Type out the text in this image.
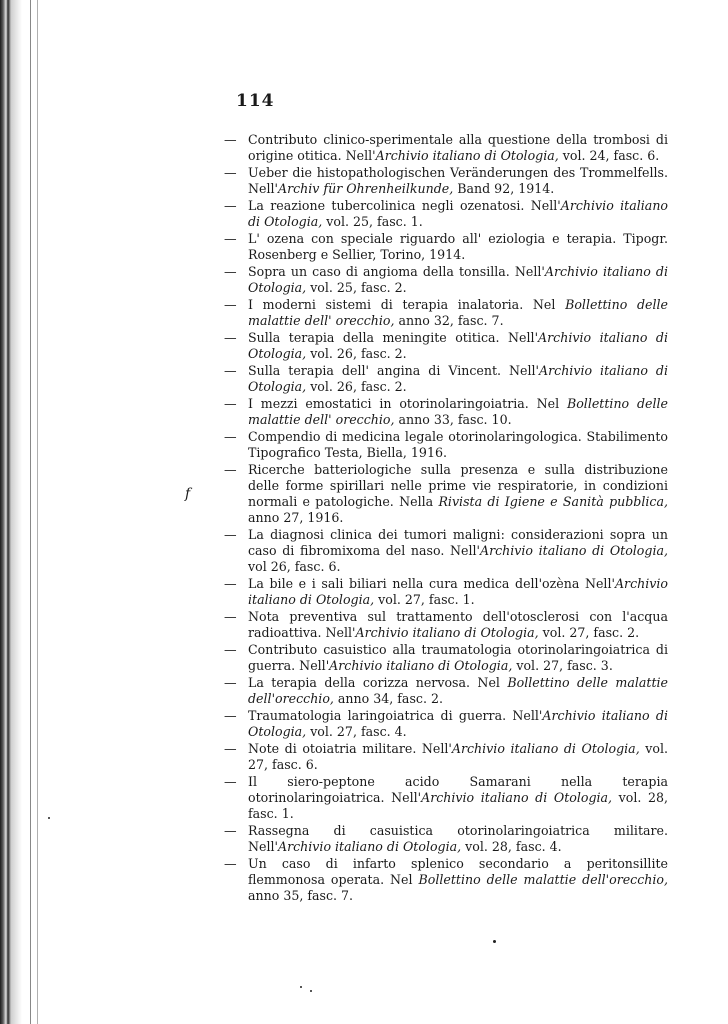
114
f
— Contributo clinico-sperimentale alla questione della trombosi di origine otitica. Nell'Archivio italiano di Otologia, vol. 24, fasc. 6.
— Ueber die histopathologischen Veränderungen des Trommelfells. Nell'Archiv für Ohrenheilkunde, Band 92, 1914.
— La reazione tubercolinica negli ozenatosi. Nell'Archivio italiano di Otologia, vol. 25, fasc. 1.
— L' ozena con speciale riguardo all' eziologia e terapia. Tipogr. Rosenberg e Sellier, Torino, 1914.
— Sopra un caso di angioma della tonsilla. Nell'Archivio italiano di Otologia, vol. 25, fasc. 2.
— I moderni sistemi di terapia inalatoria. Nel Bollettino delle malattie dell' orecchio, anno 32, fasc. 7.
— Sulla terapia della meningite otitica. Nell'Archivio italiano di Otologia, vol. 26, fasc. 2.
— Sulla terapia dell' angina di Vincent. Nell'Archivio italiano di Otologia, vol. 26, fasc. 2.
— I mezzi emostatici in otorinolaringoiatria. Nel Bollettino delle malattie dell' orecchio, anno 33, fasc. 10.
— Compendio di medicina legale otorinolaringologica. Stabilimento Tipografico Testa, Biella, 1916.
— Ricerche batteriologiche sulla presenza e sulla distribuzione delle forme spirillari nelle prime vie respiratorie, in condizioni normali e patologiche. Nella Rivista di Igiene e Sanità pubblica, anno 27, 1916.
— La diagnosi clinica dei tumori maligni: considerazioni sopra un caso di fibromixoma del naso. Nell'Archivio italiano di Otologia, vol 26, fasc. 6.
— La bile e i sali biliari nella cura medica dell'ozèna Nell'Archivio italiano di Otologia, vol. 27, fasc. 1.
— Nota preventiva sul trattamento dell'otosclerosi con l'acqua radioattiva. Nell'Archivio italiano di Otologia, vol. 27, fasc. 2.
— Contributo casuistico alla traumatologia otorinolaringoiatrica di guerra. Nell'Archivio italiano di Otologia, vol. 27, fasc. 3.
— La terapia della corizza nervosa. Nel Bollettino delle malattie dell'orecchio, anno 34, fasc. 2.
— Traumatologia laringoiatrica di guerra. Nell'Archivio italiano di Otologia, vol. 27, fasc. 4.
— Note di otoiatria militare. Nell'Archivio italiano di Otologia, vol. 27, fasc. 6.
— Il siero-peptone acido Samarani nella terapia otorinolaringoiatrica. Nell'Archivio italiano di Otologia, vol. 28, fasc. 1.
— Rassegna di casuistica otorinolaringoiatrica militare. Nell'Archivio italiano di Otologia, vol. 28, fasc. 4.
— Un caso di infarto splenico secondario a peritonsillite flemmonosa operata. Nel Bollettino delle malattie dell'orecchio, anno 35, fasc. 7.
